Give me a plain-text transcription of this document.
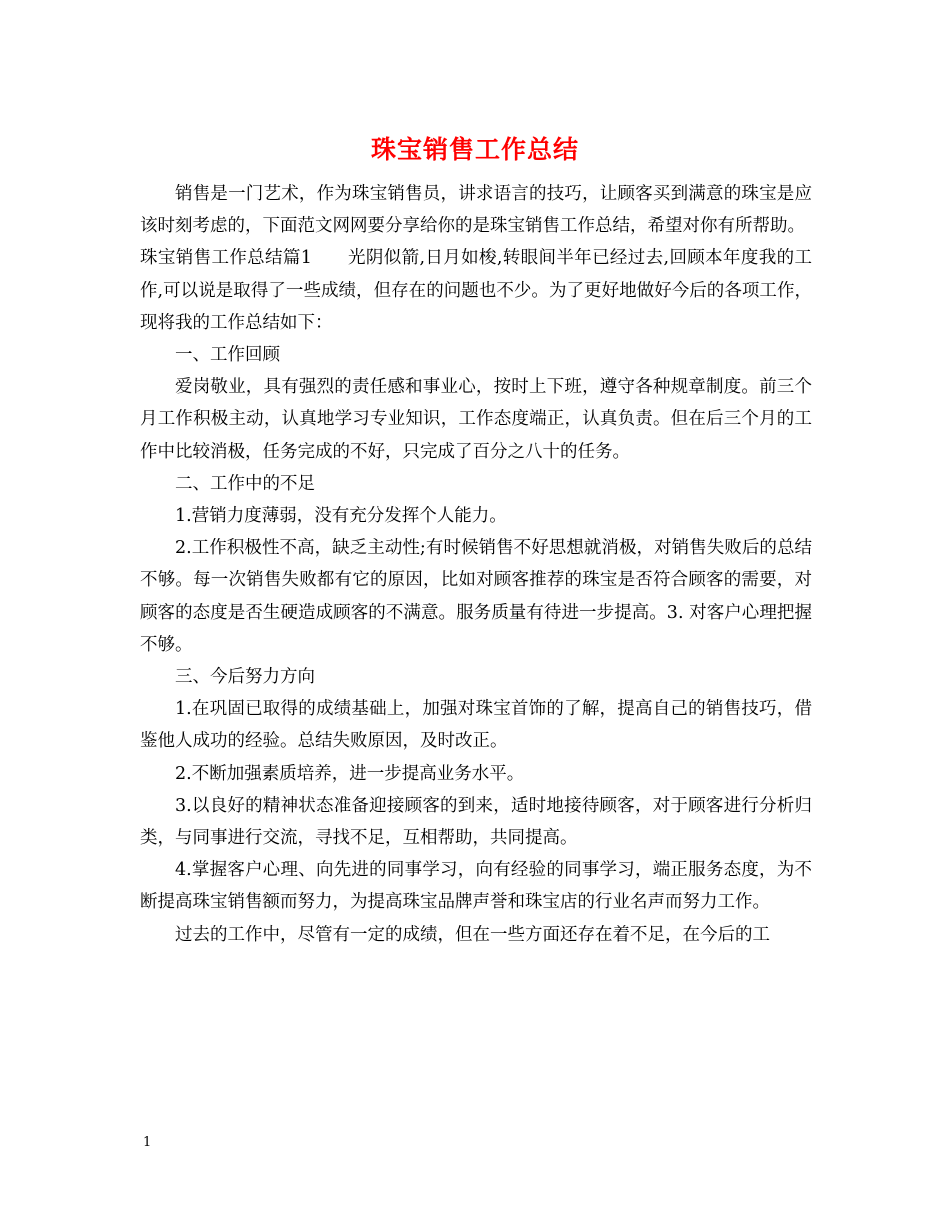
珠宝销售工作总结

销售是一门艺术，作为珠宝销售员，讲求语言的技巧，让顾客买到满意的珠宝是应该时刻考虑的，下面范文网网要分享给你的是珠宝销售工作总结，希望对你有所帮助。

珠宝销售工作总结篇1　　光阴似箭,日月如梭,转眼间半年已经过去,回顾本年度我的工作,可以说是取得了一些成绩，但存在的问题也不少。为了更好地做好今后的各项工作，现将我的工作总结如下：

一、工作回顾

爱岗敬业，具有强烈的责任感和事业心，按时上下班，遵守各种规章制度。前三个月工作积极主动，认真地学习专业知识，工作态度端正，认真负责。但在后三个月的工作中比较消极，任务完成的不好，只完成了百分之八十的任务。

二、工作中的不足

1.营销力度薄弱，没有充分发挥个人能力。

2.工作积极性不高，缺乏主动性;有时候销售不好思想就消极，对销售失败后的总结不够。每一次销售失败都有它的原因，比如对顾客推荐的珠宝是否符合顾客的需要，对顾客的态度是否生硬造成顾客的不满意。服务质量有待进一步提高。3. 对客户心理把握不够。

三、今后努力方向

1.在巩固已取得的成绩基础上，加强对珠宝首饰的了解，提高自己的销售技巧，借鉴他人成功的经验。总结失败原因，及时改正。

2.不断加强素质培养，进一步提高业务水平。

3.以良好的精神状态准备迎接顾客的到来，适时地接待顾客，对于顾客进行分析归类，与同事进行交流，寻找不足，互相帮助，共同提高。

4.掌握客户心理、向先进的同事学习，向有经验的同事学习，端正服务态度，为不断提高珠宝销售额而努力，为提高珠宝品牌声誉和珠宝店的行业名声而努力工作。

过去的工作中，尽管有一定的成绩，但在一些方面还存在着不足，在今后的工

1
